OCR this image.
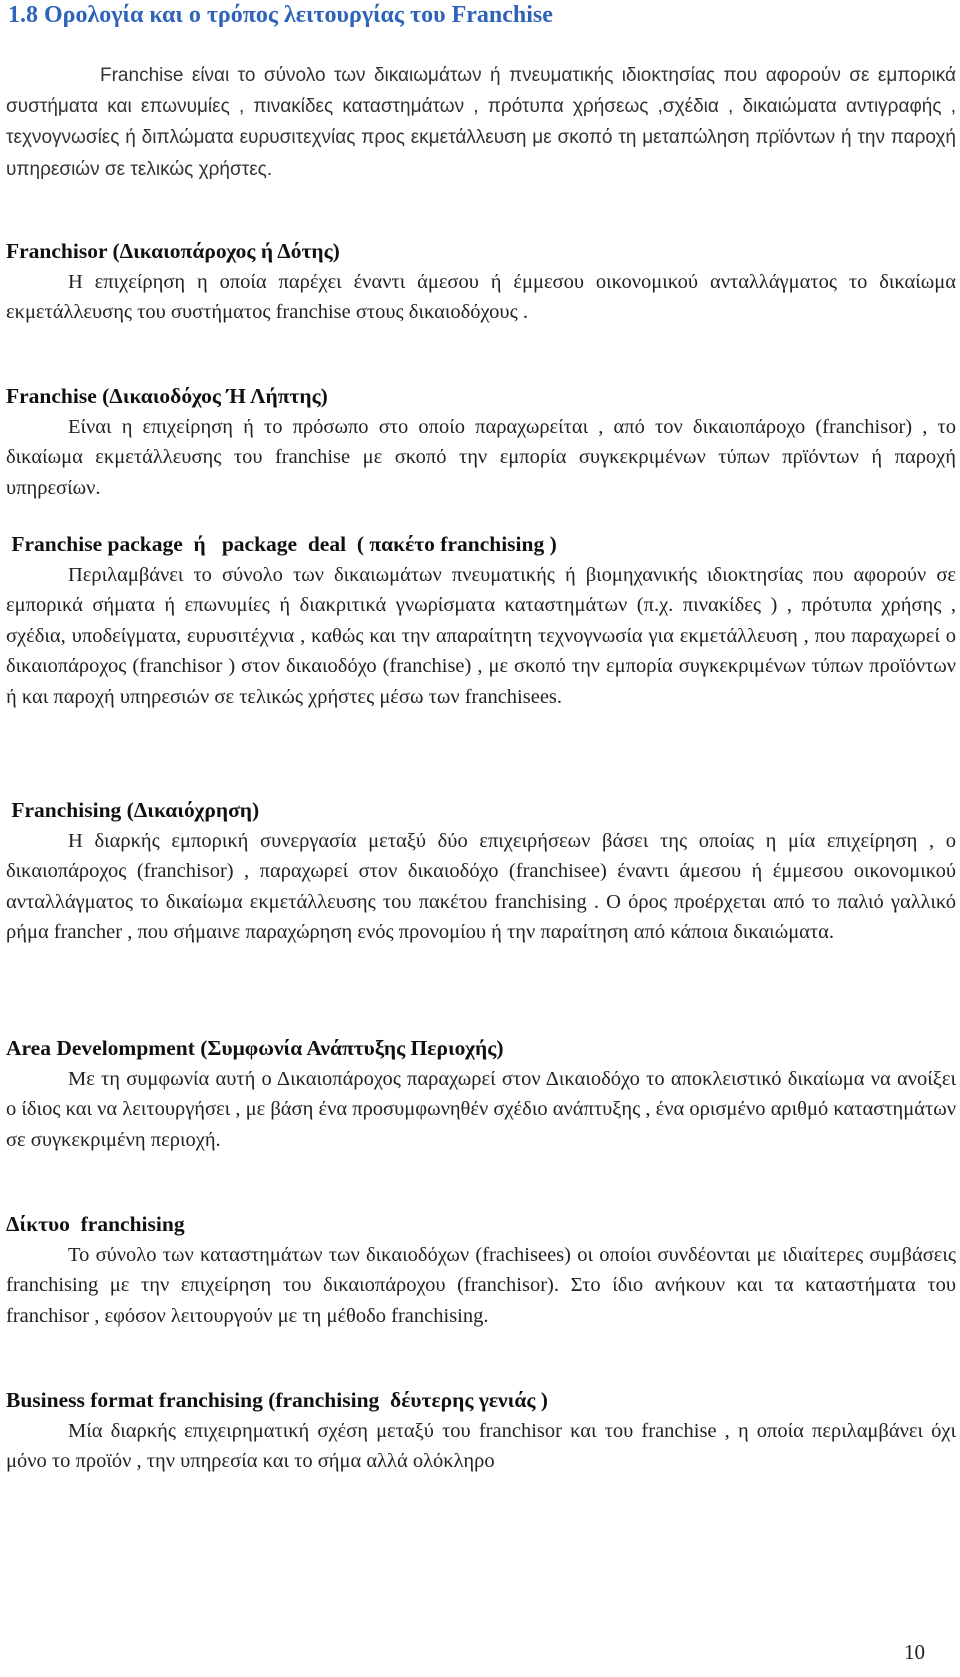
1.8 Ορολογία και ο τρόπος λειτουργίας του Franchise

Franchise είναι το σύνολο των δικαιωμάτων ή πνευματικής ιδιοκτησίας που αφορούν σε εμπορικά συστήματα και επωνυμίες , πινακίδες καταστημάτων , πρότυπα χρήσεως ,σχέδια , δικαιώματα αντιγραφής , τεχνογνωσίες ή διπλώματα ευρυσιτεχνίας προς εκμετάλλευση με σκοπό τη μεταπώληση πρϊόντων ή την παροχή υπηρεσιών σε τελικώς χρήστες.

Franchisor (Δικαιοπάροχος ή Δότης)

Η επιχείρηση η οποία παρέχει έναντι άμεσου ή έμμεσου οικονομικού ανταλλάγματος το δικαίωμα εκμετάλλευσης του συστήματος franchise στους δικαιοδόχους .

Franchise (Δικαιοδόχος Ή Λήπτης)

Είναι η επιχείρηση ή το πρόσωπο στο οποίο παραχωρείται , από τον δικαιοπάροχο (franchisor) , το δικαίωμα εκμετάλλευσης του franchise με σκοπό την εμπορία συγκεκριμένων τύπων πρϊόντων ή παροχή υπηρεσίων.

Franchise package  ή   package  deal  ( πακέτο franchising )

Περιλαμβάνει το σύνολο των δικαιωμάτων πνευματικής ή βιομηχανικής ιδιοκτησίας που αφορούν σε εμπορικά σήματα ή επωνυμίες ή διακριτικά γνωρίσματα καταστημάτων (π.χ. πινακίδες ) , πρότυπα χρήσης , σχέδια, υποδείγματα, ευρυσιτέχνια , καθώς και την απαραίτητη τεχνογνωσία για εκμετάλλευση , που παραχωρεί ο δικαιοπάροχος (franchisor ) στον δικαιοδόχο (franchise) , με σκοπό την εμπορία συγκεκριμένων τύπων προϊόντων ή και παροχή υπηρεσιών σε τελικώς χρήστες μέσω των franchisees.

Franchising (Δικαιόχρηση)

Η διαρκής εμπορική συνεργασία μεταξύ δύο επιχειρήσεων βάσει της οποίας η μία επιχείρηση , ο δικαιοπάροχος (franchisor) , παραχωρεί στον δικαιοδόχο (franchisee) έναντι άμεσου ή έμμεσου οικονομικού ανταλλάγματος το δικαίωμα εκμετάλλευσης του πακέτου franchising . Ο όρος προέρχεται από το παλιό γαλλικό ρήμα francher , που σήμαινε παραχώρηση ενός προνομίου ή την παραίτηση από κάποια δικαιώματα.

Area Develompment (Συμφωνία Ανάπτυξης Περιοχής)

Με τη συμφωνία αυτή ο Δικαιοπάροχος παραχωρεί στον Δικαιοδόχο το αποκλειστικό δικαίωμα να ανοίξει ο ίδιος και να λειτουργήσει , με βάση ένα προσυμφωνηθέν σχέδιο ανάπτυξης , ένα ορισμένο αριθμό καταστημάτων σε συγκεκριμένη περιοχή.

Δίκτυο  franchising

Το σύνολο των καταστημάτων των δικαιοδόχων (frachisees) οι οποίοι συνδέονται με ιδιαίτερες συμβάσεις franchising με την επιχείρηση του δικαιοπάροχου (franchisor). Στο ίδιο ανήκουν και τα καταστήματα του franchisor , εφόσον λειτουργούν με τη μέθοδο franchising.

Business format franchising (franchising  δέυτερης γενιάς )

Μία διαρκής επιχειρηματική σχέση μεταξύ του franchisor και του franchise , η οποία περιλαμβάνει όχι μόνο το προϊόν , την υπηρεσία και το σήμα αλλά ολόκληρο

10
